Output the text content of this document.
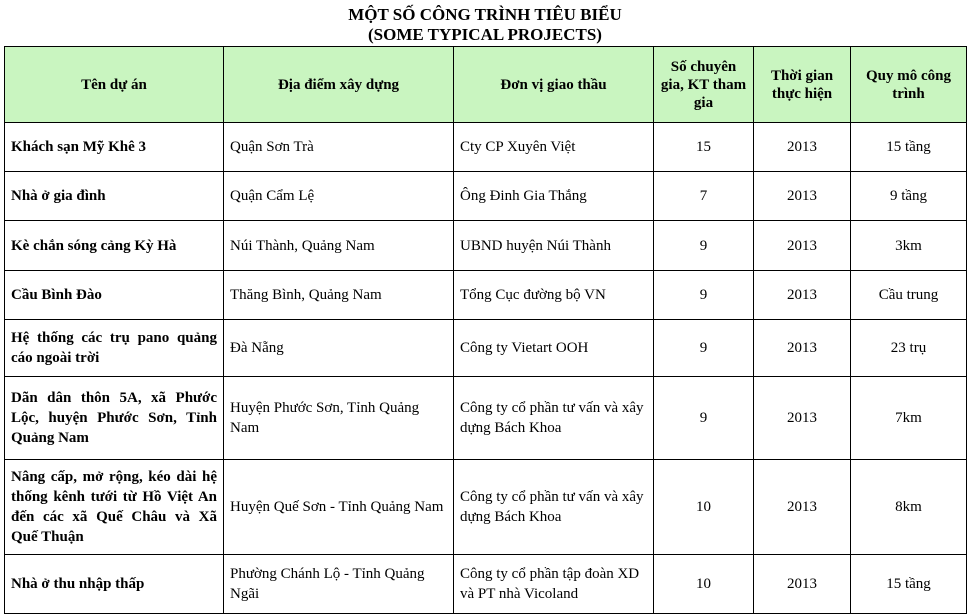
MỘT SỐ CÔNG TRÌNH TIÊU BIỂU
(SOME TYPICAL PROJECTS)
Tên dự án	Địa điểm xây dựng	Đơn vị giao thầu	Số chuyên gia, KT tham gia	Thời gian thực hiện	Quy mô công trình
Khách sạn Mỹ Khê 3	Quận Sơn Trà	Cty CP Xuyên Việt	15	2013	15 tầng
Nhà ở gia đình	Quận Cẩm Lệ	Ông Đinh Gia Thắng	7	2013	9 tầng
Kè chắn sóng cảng Kỳ Hà	Núi Thành, Quảng Nam	UBND huyện Núi Thành	9	2013	3km
Cầu Bình Đào	Thăng Bình, Quảng Nam	Tổng Cục đường bộ VN	9	2013	Cầu trung
Hệ thống các trụ pano quảng cáo ngoài trời	Đà Nẵng	Công ty Vietart OOH	9	2013	23 trụ
Dãn dân thôn 5A, xã Phước Lộc, huyện Phước Sơn, Tỉnh Quảng Nam	Huyện Phước Sơn, Tỉnh Quảng Nam	Công ty cổ phần tư vấn và xây dựng Bách Khoa	9	2013	7km
Nâng cấp, mở rộng, kéo dài hệ thống kênh tưới từ Hồ Việt An đến các xã Quế Châu và Xã Quế Thuận	Huyện Quế Sơn - Tỉnh Quảng Nam	Công ty cổ phần tư vấn và xây dựng Bách Khoa	10	2013	8km
Nhà ở thu nhập thấp	Phường Chánh Lộ - Tỉnh Quảng Ngãi	Công ty cổ phần tập đoàn XD và PT nhà Vicoland	10	2013	15 tầng
